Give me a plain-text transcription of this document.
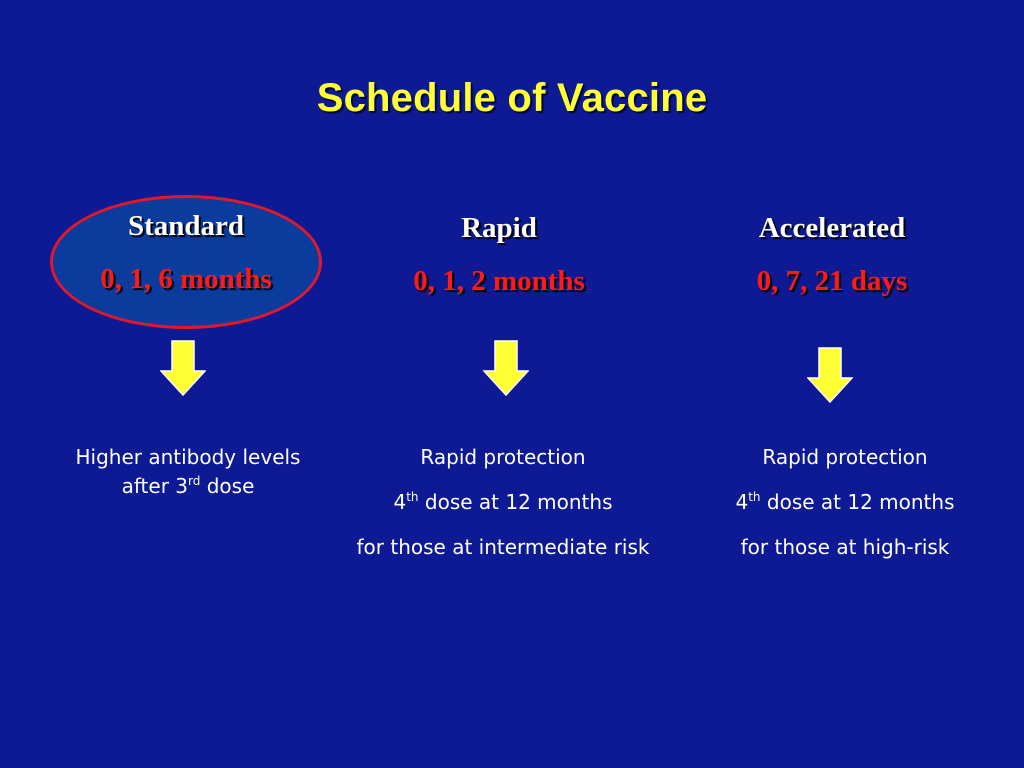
Schedule of Vaccine
Standard
0, 1, 6 months
Higher antibody levels
after 3rd dose
Rapid
0, 1, 2 months
Rapid protection
4th dose at 12 months
for those at intermediate risk
Accelerated
0, 7, 21 days
Rapid protection
4th dose at 12 months
for those at high-risk
